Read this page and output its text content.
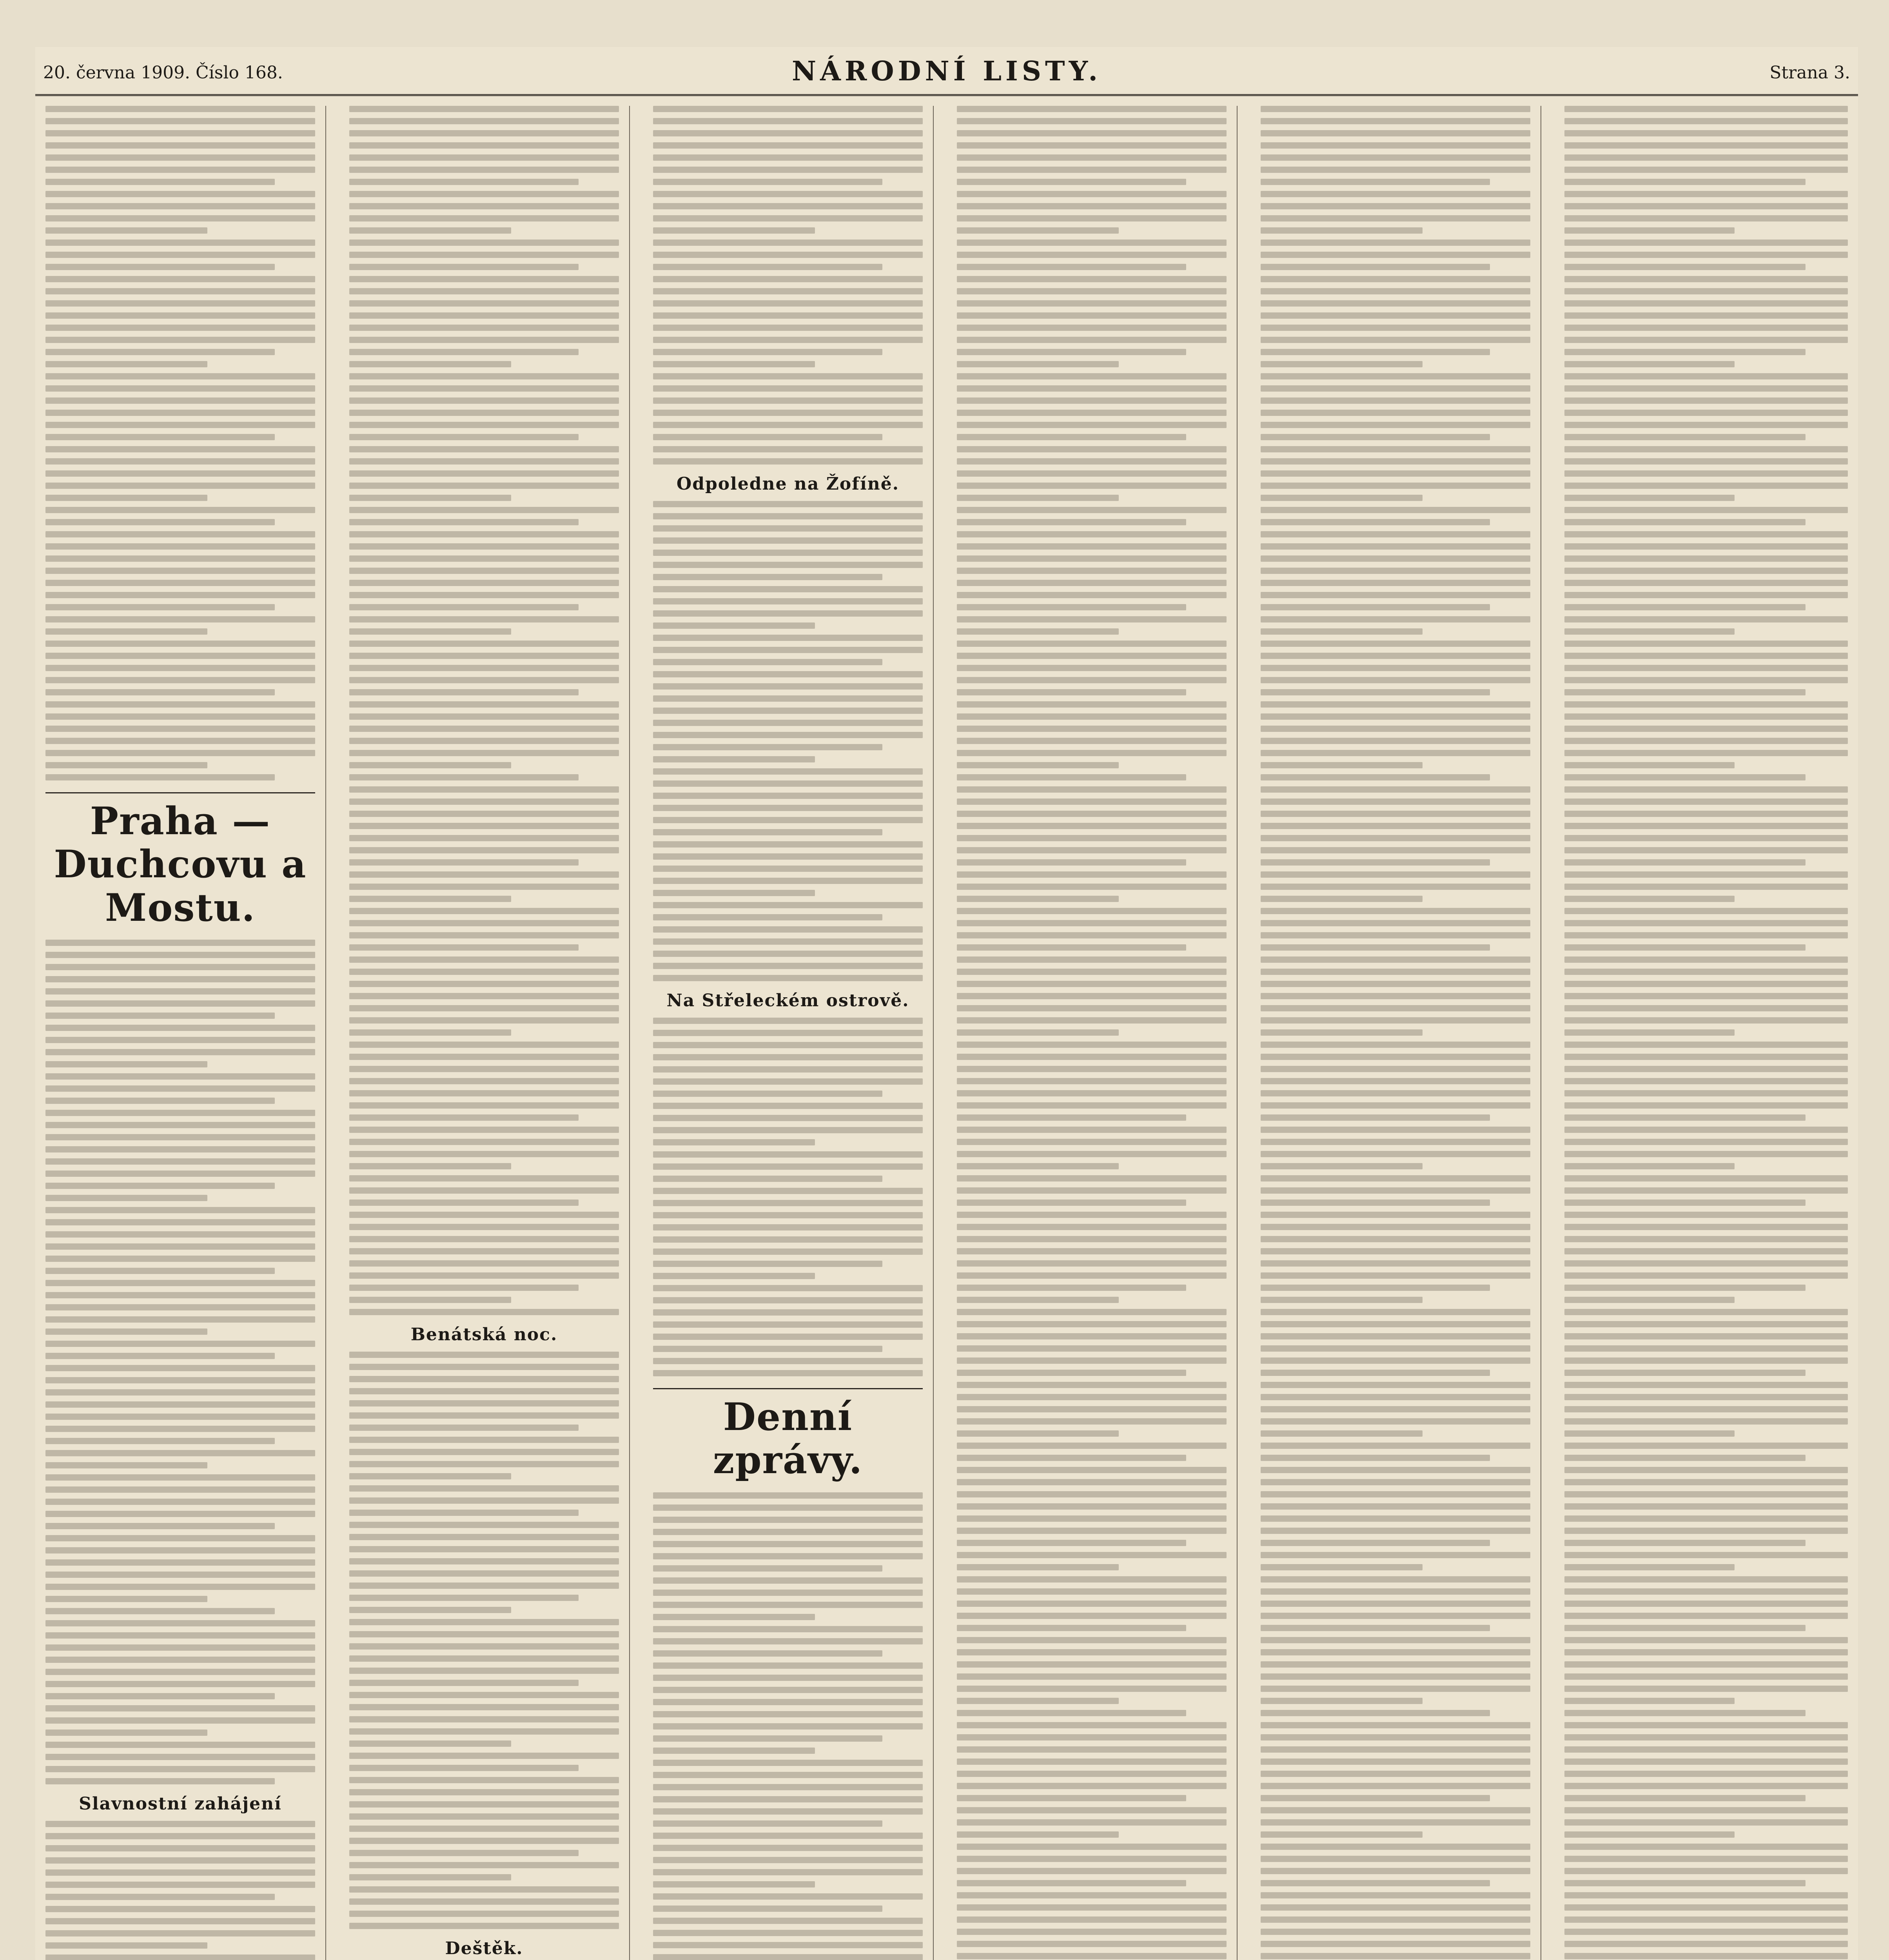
20. června 1909. Číslo 168.	NÁRODNÍ LISTY.	Strana 3.
Praha — Duchcovu a Mostu.
Slavnostní zahájení
Benátská noc.
Deštěk.
Odpoledne na Žofíně.
Na Střeleckém ostrově.
Denní zprávy.
